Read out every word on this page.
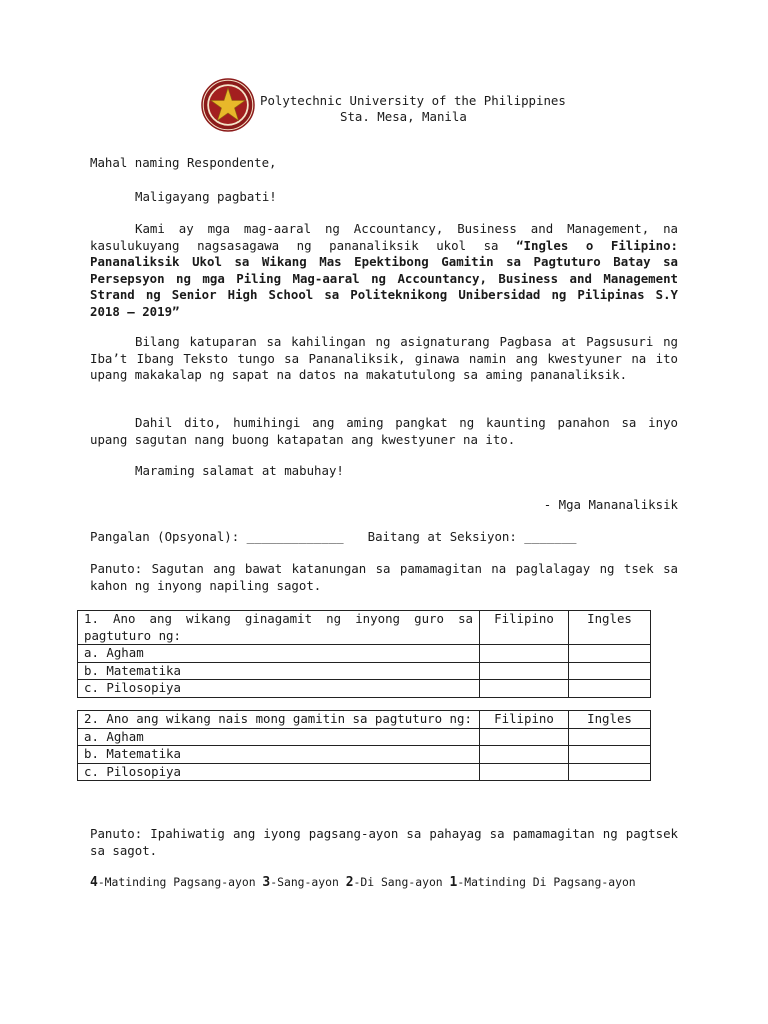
1904
Polytechnic University of the Philippines
Sta. Mesa, Manila

Mahal naming Respondente,

Maligayang pagbati!

Kami ay mga mag-aaral ng Accountancy, Business and Management, na kasulukuyang nagsasagawa ng pananaliksik ukol sa “Ingles o Filipino: Pananaliksik Ukol sa Wikang Mas Epektibong Gamitin sa Pagtuturo Batay sa Persepsyon ng mga Piling Mag-aaral ng Accountancy, Business and Management Strand ng Senior High School sa Politeknikong Unibersidad ng Pilipinas S.Y 2018 – 2019”

Bilang katuparan sa kahilingan ng asignaturang Pagbasa at Pagsusuri ng Iba’t Ibang Teksto tungo sa Pananaliksik, ginawa namin ang kwestyuner na ito upang makakalap ng sapat na datos na makatutulong sa aming pananaliksik.

Dahil dito, humihingi ang aming pangkat ng kaunting panahon sa inyo upang sagutan nang buong katapatan ang kwestyuner na ito.

Maraming salamat at mabuhay!

- Mga Mananaliksik

Pangalan (Opsyonal): _____________ Baitang at Seksiyon: _______

Panuto: Sagutan ang bawat katanungan sa pamamagitan na paglalagay ng tsek sa kahon ng inyong napiling sagot.

1. Ano ang wikang ginagamit ng inyong guro sa pagtuturo ng:	Filipino	Ingles
a. Agham		
b. Matematika		
c. Pilosopiya		
2. Ano ang wikang nais mong gamitin sa pagtuturo ng:	Filipino	Ingles
a. Agham		
b. Matematika		
c. Pilosopiya		

Panuto: Ipahiwatig ang iyong pagsang-ayon sa pahayag sa pamamagitan ng pagtsek sa sagot.

4-Matinding Pagsang-ayon 3-Sang-ayon 2-Di Sang-ayon 1-Matinding Di Pagsang-ayon
